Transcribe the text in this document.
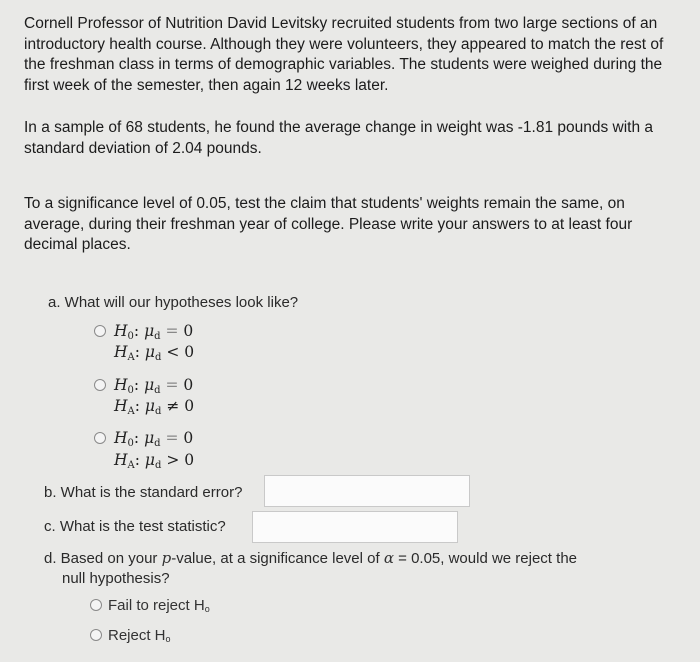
Cornell Professor of Nutrition David Levitsky recruited students from two large sections of an introductory health course. Although they were volunteers, they appeared to match the rest of the freshman class in terms of demographic variables. The students were weighed during the first week of the semester, then again 12 weeks later.
In a sample of 68 students, he found the average change in weight was -1.81 pounds with a standard deviation of 2.04 pounds.
To a significance level of 0.05, test the claim that students' weights remain the same, on average, during their freshman year of college. Please write your answers to at least four decimal places.
a. What will our hypotheses look like?
$H_0$: $\mu_d = 0$
$H_A$: $\mu_d < 0$
$H_0$: $\mu_d = 0$
$H_A$: $\mu_d \ne 0$
$H_0$: $\mu_d = 0$
$H_A$: $\mu_d > 0$
b. What is the standard error?
c. What is the test statistic?
d. Based on your p-value, at a significance level of α = 0.05, would we reject the
null hypothesis?
Fail to reject $H_o$
Reject $H_o$
